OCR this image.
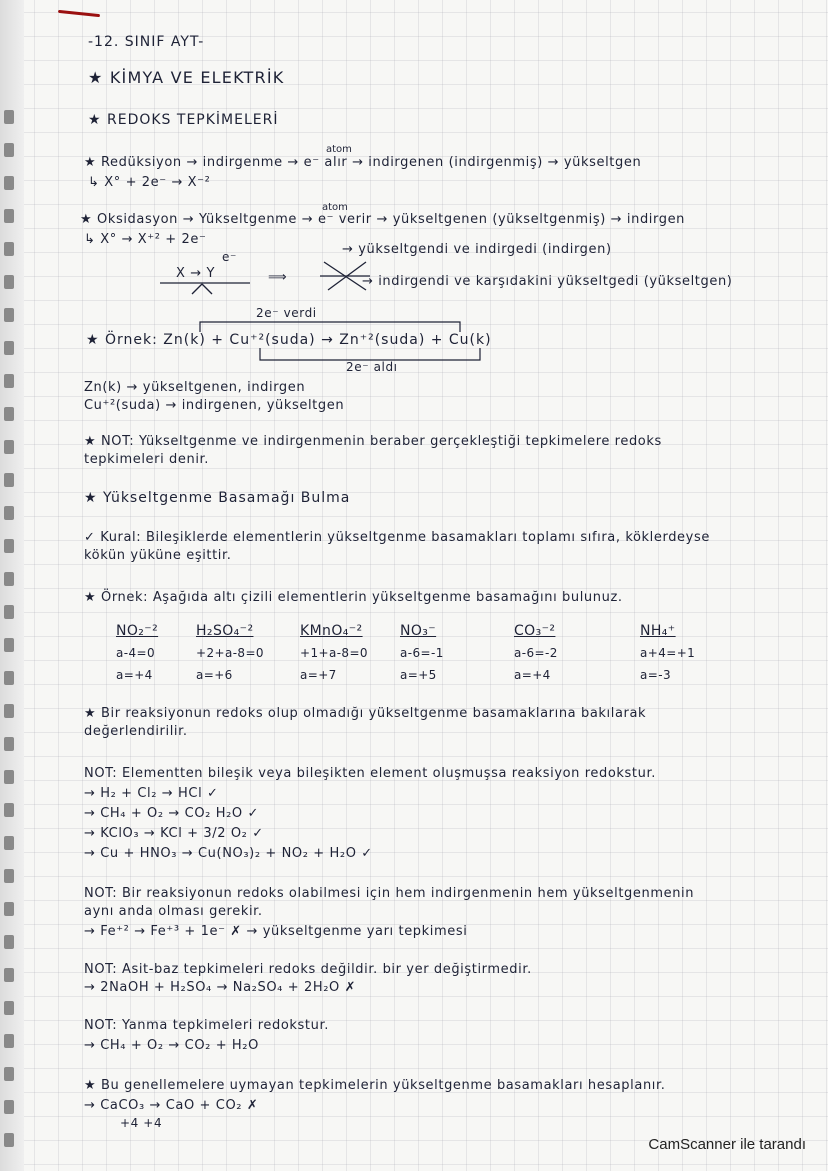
-12. SINIF AYT-

★ KİMYA VE ELEKTRİK

★ REDOKS TEPKİMELERİ

atom

★ Redüksiyon → indirgenme → e⁻ alır → indirgenen (indirgenmiş) → yükseltgen

↳ X° + 2e⁻ → X⁻²

atom

★ Oksidasyon → Yükseltgenme → e⁻ verir → yükseltgenen (yükseltgenmiş) → indirgen

↳ X° → X⁺² + 2e⁻

e⁻

X → Y	⟹

→ yükseltgendi ve indirgedi (indirgen)

→ indirgendi ve karşıdakini yükseltgedi (yükseltgen)

2e⁻ verdi

★ Örnek: Zn(k) + Cu⁺²(suda) → Zn⁺²(suda) + Cu(k)

2e⁻ aldı

Zn(k) → yükseltgenen, indirgen

Cu⁺²(suda) → indirgenen, yükseltgen

★ NOT: Yükseltgenme ve indirgenmenin beraber gerçekleştiği tepkimelere redoks

tepkimeleri denir.

★ Yükseltgenme Basamağı Bulma

✓ Kural: Bileşiklerde elementlerin yükseltgenme basamakları toplamı sıfıra, köklerdeyse

kökün yüküne eşittir.

★ Örnek: Aşağıda altı çizili elementlerin yükseltgenme basamağını bulunuz.

NO₂⁻²
a-4=0
a=+4
H₂SO₄⁻²
+2+a-8=0
a=+6
KMnO₄⁻²
+1+a-8=0
a=+7
NO₃⁻
a-6=-1
a=+5
CO₃⁻²
a-6=-2
a=+4
NH₄⁺
a+4=+1
a=-3

★ Bir reaksiyonun redoks olup olmadığı yükseltgenme basamaklarına bakılarak

değerlendirilir.

NOT: Elementten bileşik veya bileşikten element oluşmuşsa reaksiyon redokstur.

→ H₂ + Cl₂ → HCl ✓

→ CH₄ + O₂ → CO₂ H₂O ✓

→ KClO₃ → KCl + 3/2 O₂ ✓

→ Cu + HNO₃ → Cu(NO₃)₂ + NO₂ + H₂O ✓

NOT: Bir reaksiyonun redoks olabilmesi için hem indirgenmenin hem yükseltgenmenin

aynı anda olması gerekir.

→ Fe⁺² → Fe⁺³ + 1e⁻ ✗ → yükseltgenme yarı tepkimesi

NOT: Asit-baz tepkimeleri redoks değildir. bir yer değiştirmedir.

→ 2NaOH + H₂SO₄ → Na₂SO₄ + 2H₂O ✗

NOT: Yanma tepkimeleri redokstur.

→ CH₄ + O₂ → CO₂ + H₂O

★ Bu genellemelere uymayan tepkimelerin yükseltgenme basamakları hesaplanır.

→ CaCO₃ → CaO + CO₂ ✗

+4 +4

CamScanner ile tarandı
